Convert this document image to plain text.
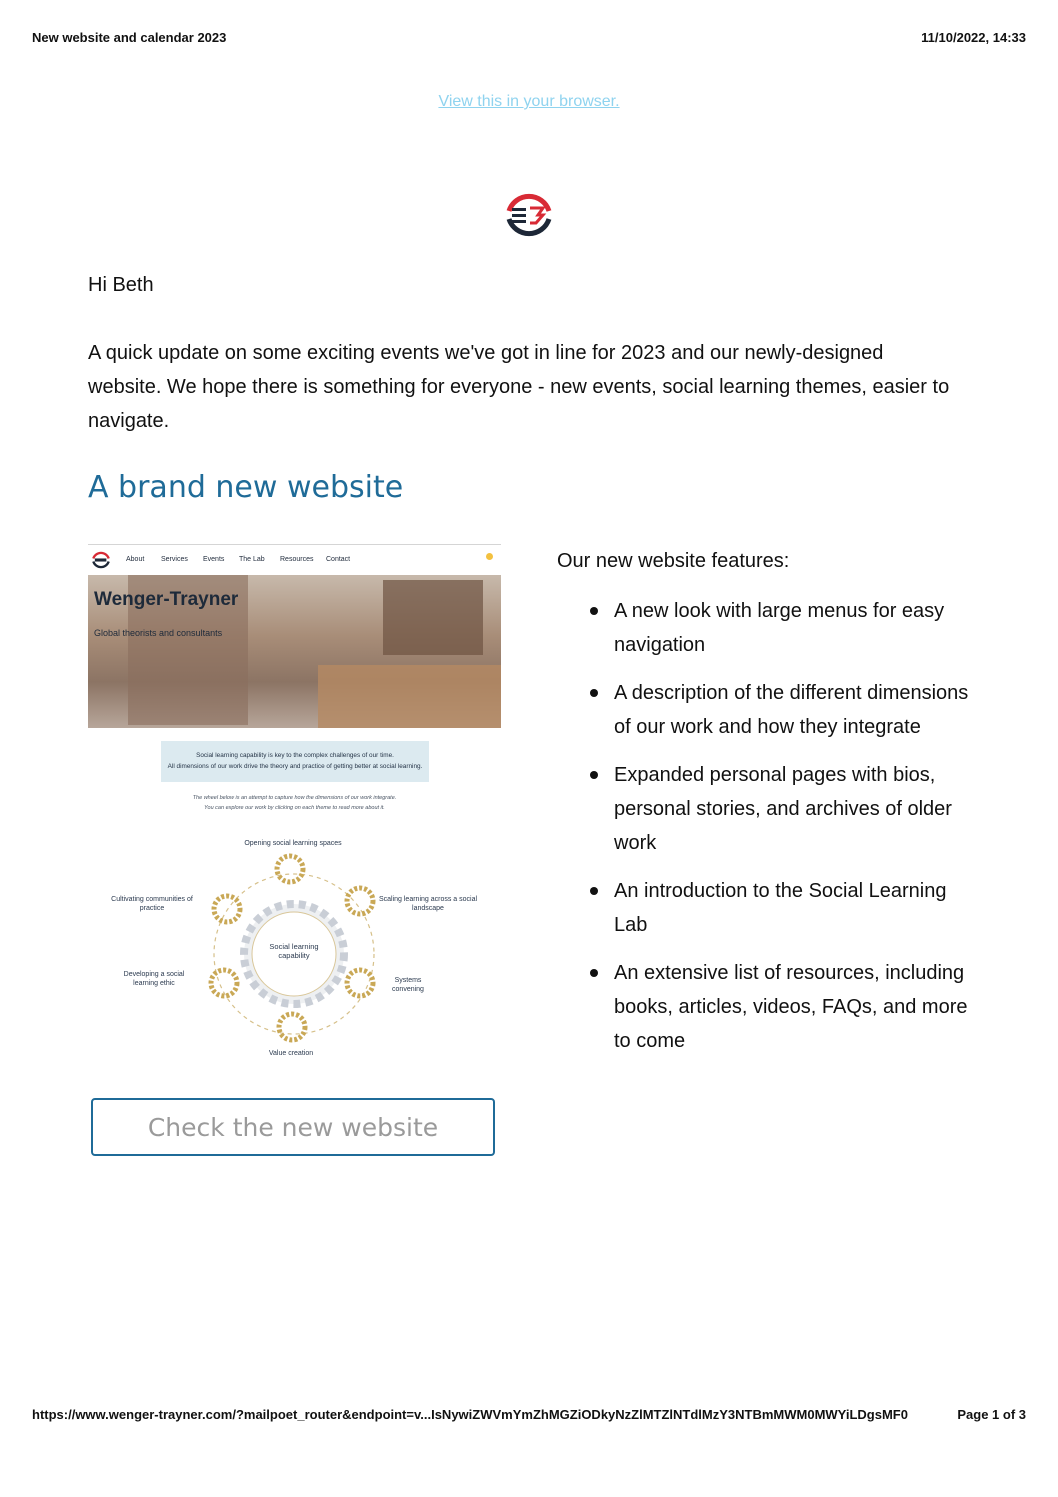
New website and calendar 2023	11/10/2022, 14:33
View this in your browser.
Hi Beth
A quick update on some exciting events we've got in line for 2023 and our newly-designed website. We hope there is something for everyone - new events, social learning themes, easier to navigate.
A brand new website
About Services Events The Lab Resources Contact
Wenger-Trayner
Global theorists and consultants
Social learning capability is key to the complex challenges of our time.
All dimensions of our work drive the theory and practice of getting better at social learning.
The wheel below is an attempt to capture how the dimensions of our work integrate.
You can explore our work by clicking on each theme to read more about it.
Social learning capability
Opening social learning spaces
Cultivating communities of practice
Scaling learning across a social landscape
Developing a social learning ethic	Systems convening
Value creation
Check the new website
Our new website features:
A new look with large menus for easy navigation
A description of the different dimensions of our work and how they integrate
Expanded personal pages with bios, personal stories, and archives of older work
An introduction to the Social Learning Lab
An extensive list of resources, including books, articles, videos, FAQs, and more to come
https://www.wenger-trayner.com/?mailpoet_router&endpoint=v...IsNywiZWVmYmZhMGZiODkyNzZlMTZlNTdlMzY3NTBmMWM0MWYiLDgsMF0	Page 1 of 3
